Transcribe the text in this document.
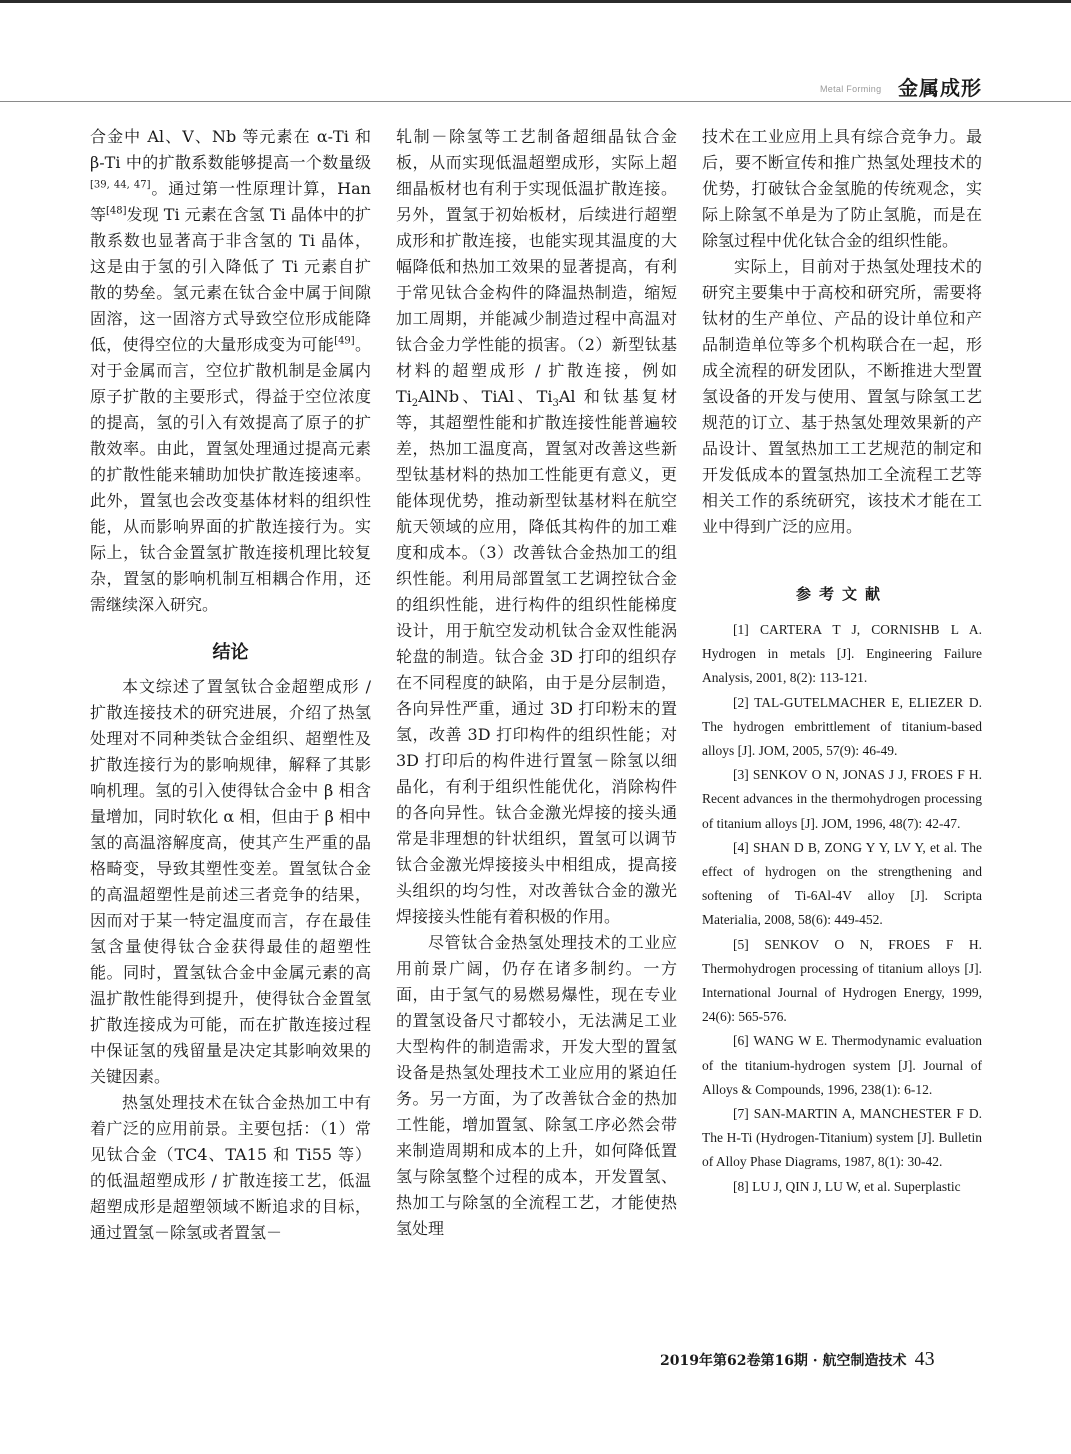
Metal Forming 金属成形

合金中 Al、V、Nb 等元素在 α-Ti 和 β-Ti 中的扩散系数能够提高一个数量级[39, 44, 47]。通过第一性原理计算，Han 等[48]发现 Ti 元素在含氢 Ti 晶体中的扩散系数也显著高于非含氢的 Ti 晶体，这是由于氢的引入降低了 Ti 元素自扩散的势垒。氢元素在钛合金中属于间隙固溶，这一固溶方式导致空位形成能降低，使得空位的大量形成变为可能[49]。对于金属而言，空位扩散机制是金属内原子扩散的主要形式，得益于空位浓度的提高，氢的引入有效提高了原子的扩散效率。由此，置氢处理通过提高元素的扩散性能来辅助加快扩散连接速率。此外，置氢也会改变基体材料的组织性能，从而影响界面的扩散连接行为。实际上，钛合金置氢扩散连接机理比较复杂，置氢的影响机制互相耦合作用，还需继续深入研究。

结论

本文综述了置氢钛合金超塑成形 / 扩散连接技术的研究进展，介绍了热氢处理对不同种类钛合金组织、超塑性及扩散连接行为的影响规律，解释了其影响机理。氢的引入使得钛合金中 β 相含量增加，同时软化 α 相，但由于 β 相中氢的高温溶解度高，使其产生严重的晶格畸变，导致其塑性变差。置氢钛合金的高温超塑性是前述三者竞争的结果，因而对于某一特定温度而言，存在最佳氢含量使得钛合金获得最佳的超塑性能。同时，置氢钛合金中金属元素的高温扩散性能得到提升，使得钛合金置氢扩散连接成为可能，而在扩散连接过程中保证氢的残留量是决定其影响效果的关键因素。

热氢处理技术在钛合金热加工中有着广泛的应用前景。主要包括：（1）常见钛合金（TC4、TA15 和 Ti55 等）的低温超塑成形 / 扩散连接工艺，低温超塑成形是超塑领域不断追求的目标，通过置氢－除氢或者置氢－

轧制－除氢等工艺制备超细晶钛合金板，从而实现低温超塑成形，实际上超细晶板材也有利于实现低温扩散连接。另外，置氢于初始板材，后续进行超塑成形和扩散连接，也能实现其温度的大幅降低和热加工效果的显著提高，有利于常见钛合金构件的降温热制造，缩短加工周期，并能减少制造过程中高温对钛合金力学性能的损害。（2）新型钛基材料的超塑成形 / 扩散连接，例如 $Ti_2AlNb$、TiAl、$Ti_3Al$ 和钛基复材等，其超塑性能和扩散连接性能普遍较差，热加工温度高，置氢对改善这些新型钛基材料的热加工性能更有意义，更能体现优势，推动新型钛基材料在航空航天领域的应用，降低其构件的加工难度和成本。（3）改善钛合金热加工的组织性能。利用局部置氢工艺调控钛合金的组织性能，进行构件的组织性能梯度设计，用于航空发动机钛合金双性能涡轮盘的制造。钛合金 3D 打印的组织存在不同程度的缺陷，由于是分层制造，各向异性严重，通过 3D 打印粉末的置氢，改善 3D 打印构件的组织性能；对 3D 打印后的构件进行置氢－除氢以细晶化，有利于组织性能优化，消除构件的各向异性。钛合金激光焊接的接头通常是非理想的针状组织，置氢可以调节钛合金激光焊接接头中相组成，提高接头组织的均匀性，对改善钛合金的激光焊接接头性能有着积极的作用。

尽管钛合金热氢处理技术的工业应用前景广阔，仍存在诸多制约。一方面，由于氢气的易燃易爆性，现在专业的置氢设备尺寸都较小，无法满足工业大型构件的制造需求，开发大型的置氢设备是热氢处理技术工业应用的紧迫任务。另一方面，为了改善钛合金的热加工性能，增加置氢、除氢工序必然会带来制造周期和成本的上升，如何降低置氢与除氢整个过程的成本，开发置氢、热加工与除氢的全流程工艺，才能使热氢处理

技术在工业应用上具有综合竞争力。最后，要不断宣传和推广热氢处理技术的优势，打破钛合金氢脆的传统观念，实际上除氢不单是为了防止氢脆，而是在除氢过程中优化钛合金的组织性能。

实际上，目前对于热氢处理技术的研究主要集中于高校和研究所，需要将钛材的生产单位、产品的设计单位和产品制造单位等多个机构联合在一起，形成全流程的研发团队，不断推进大型置氢设备的开发与使用、置氢与除氢工艺规范的订立、基于热氢处理效果新的产品设计、置氢热加工工艺规范的制定和开发低成本的置氢热加工全流程工艺等相关工作的系统研究，该技术才能在工业中得到广泛的应用。

参考文献

[1] CARTERA T J, CORNISHB L A. Hydrogen in metals [J]. Engineering Failure Analysis, 2001, 8(2): 113-121.

[2] TAL-GUTELMACHER E, ELIEZER D. The hydrogen embrittlement of titanium-based alloys [J]. JOM, 2005, 57(9): 46-49.

[3] SENKOV O N, JONAS J J, FROES F H. Recent advances in the thermohydrogen processing of titanium alloys [J]. JOM, 1996, 48(7): 42-47.

[4] SHAN D B, ZONG Y Y, LV Y, et al. The effect of hydrogen on the strengthening and softening of Ti-6Al-4V alloy [J]. Scripta Materialia, 2008, 58(6): 449-452.

[5] SENKOV O N, FROES F H. Thermohydrogen processing of titanium alloys [J]. International Journal of Hydrogen Energy, 1999, 24(6): 565-576.

[6] WANG W E. Thermodynamic evaluation of the titanium-hydrogen system [J]. Journal of Alloys & Compounds, 1996, 238(1): 6-12.

[7] SAN-MARTIN A, MANCHESTER F D. The H-Ti (Hydrogen-Titanium) system [J]. Bulletin of Alloy Phase Diagrams, 1987, 8(1): 30-42.

[8] LU J, QIN J, LU W, et al. Superplastic

2019年第62卷第16期 · 航空制造技术 43
